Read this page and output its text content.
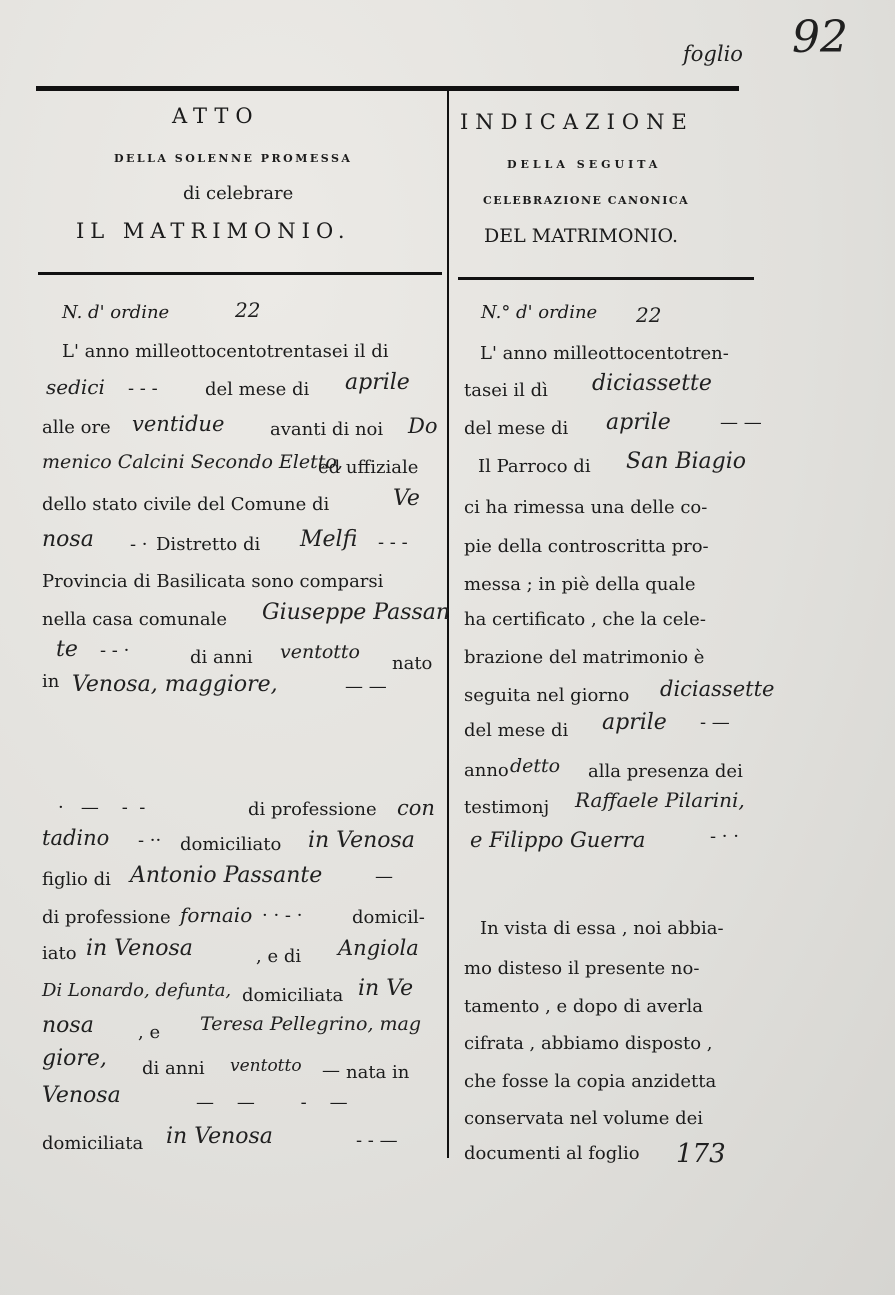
foglio 92
ATTO
DELLA SOLENNE PROMESSA
di celebrare
IL MATRIMONIO.
INDICAZIONE
DELLA SEGUITA
CELEBRAZIONE CANONICA
DEL MATRIMONIO.
N. d' ordine	22
L' anno milleottocentotrentasei il di
sedici - - -	del mese di aprile
alle ore ventidue	avanti di noi Do
menico Calcini Secondo Eletto,
ed uffiziale
dello stato civile del Comune di	Ve
nosa - · Distretto di Melfi - - -
Provincia di Basilicata sono comparsi
nella casa comunale Giuseppe Passan
te - - ·	di anni ventotto
nato
in Venosa, maggiore,	— —
·   —    -  -	di professione con
tadino - ·· domiciliato in Venosa
figlio di Antonio Passante	—
di professione fornaio · · - ·	domicil-
iato in Venosa	, e di Angiola
Di Lonardo, defunta, domiciliata in Ve
nosa , e Teresa Pellegrino, mag
giore, di anni ventotto — nata in
Venosa	—    —        -    —
domiciliata in Venosa	- - —
N.° d' ordine 22
L' anno milleottocentotren-
tasei il dì diciassette
del mese di aprile	— —
Il Parroco di San Biagio
ci ha rimessa una delle co-
pie della controscritta pro-
messa ; in piè della quale
ha certificato , che la cele-
brazione del matrimonio è
seguita nel giorno diciassette
del mese di aprile - —
anno detto alla presenza dei
testimonj Raffaele Pilarini,
e Filippo Guerra	- · ·
In vista di essa , noi abbia-
mo disteso il presente no-
tamento , e dopo di averla
cifrata , abbiamo disposto ,
che fosse la copia anzidetta
conservata nel volume dei
documenti al foglio 173
